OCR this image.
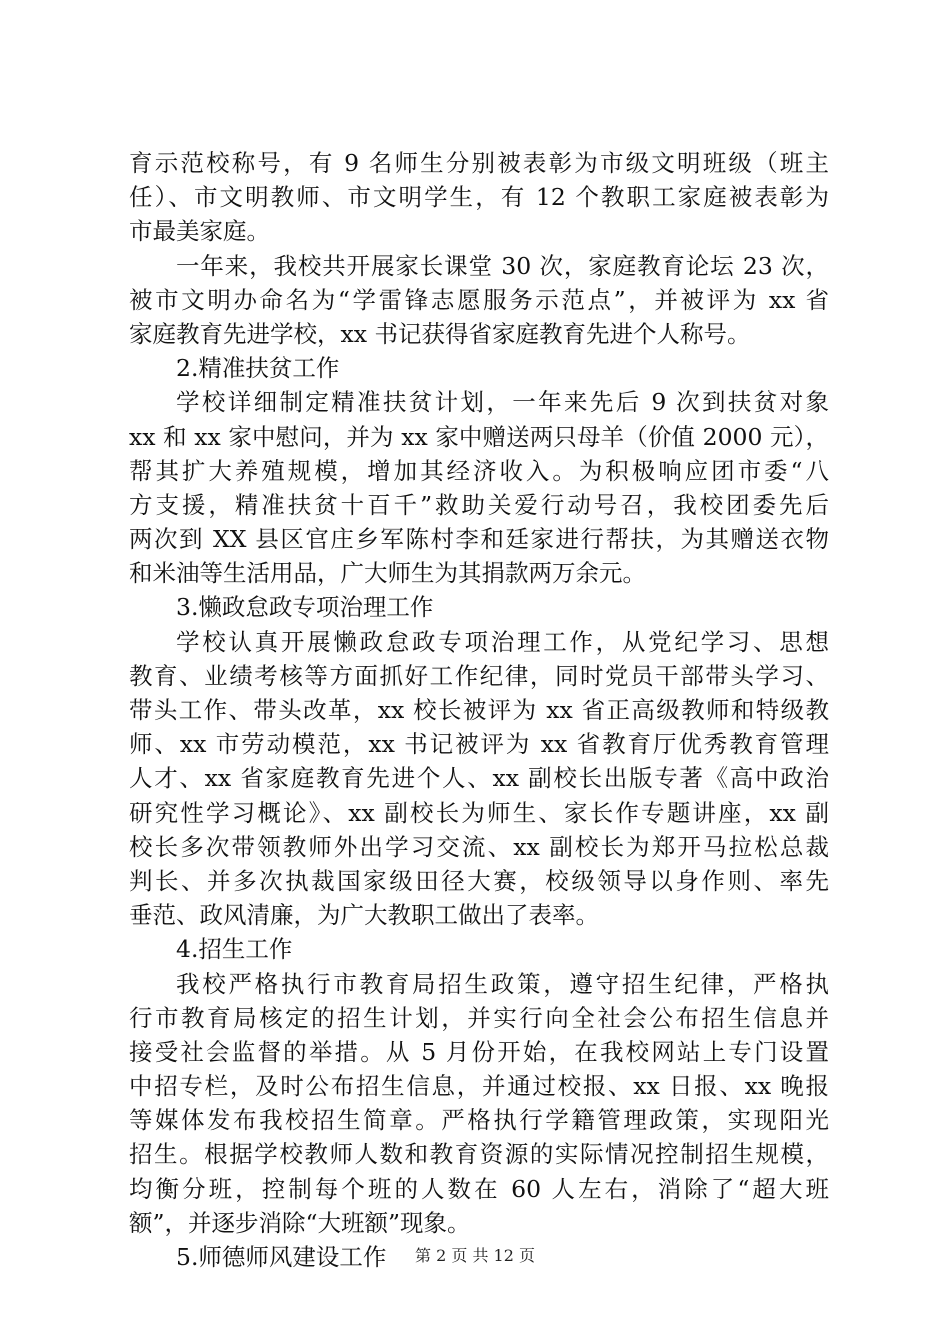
育示范校称号，有 9 名师生分别被表彰为市级文明班级（班主
任）、市文明教师、市文明学生，有 12 个教职工家庭被表彰为
市最美家庭。
一年来，我校共开展家长课堂 30 次，家庭教育论坛 23 次，
被市文明办命名为“学雷锋志愿服务示范点”，并被评为 xx 省
家庭教育先进学校，xx 书记获得省家庭教育先进个人称号。
2.精准扶贫工作
学校详细制定精准扶贫计划，一年来先后 9 次到扶贫对象
xx 和 xx 家中慰问，并为 xx 家中赠送两只母羊（价值 2000 元），
帮其扩大养殖规模，增加其经济收入。为积极响应团市委“八
方支援，精准扶贫十百千”救助关爱行动号召，我校团委先后
两次到 XX 县区官庄乡军陈村李和廷家进行帮扶，为其赠送衣物
和米油等生活用品，广大师生为其捐款两万余元。
3.懒政怠政专项治理工作
学校认真开展懒政怠政专项治理工作，从党纪学习、思想
教育、业绩考核等方面抓好工作纪律，同时党员干部带头学习、
带头工作、带头改革，xx 校长被评为 xx 省正高级教师和特级教
师、xx 市劳动模范，xx 书记被评为 xx 省教育厅优秀教育管理
人才、xx 省家庭教育先进个人、xx 副校长出版专著《高中政治
研究性学习概论》、xx 副校长为师生、家长作专题讲座，xx 副
校长多次带领教师外出学习交流、xx 副校长为郑开马拉松总裁
判长、并多次执裁国家级田径大赛，校级领导以身作则、率先
垂范、政风清廉，为广大教职工做出了表率。
4.招生工作
我校严格执行市教育局招生政策，遵守招生纪律，严格执
行市教育局核定的招生计划，并实行向全社会公布招生信息并
接受社会监督的举措。从 5 月份开始，在我校网站上专门设置
中招专栏，及时公布招生信息，并通过校报、xx 日报、xx 晚报
等媒体发布我校招生简章。严格执行学籍管理政策，实现阳光
招生。根据学校教师人数和教育资源的实际情况控制招生规模，
均衡分班，控制每个班的人数在 60 人左右，消除了“超大班
额”，并逐步消除“大班额”现象。
5.师德师风建设工作	第 2 页 共 12 页
